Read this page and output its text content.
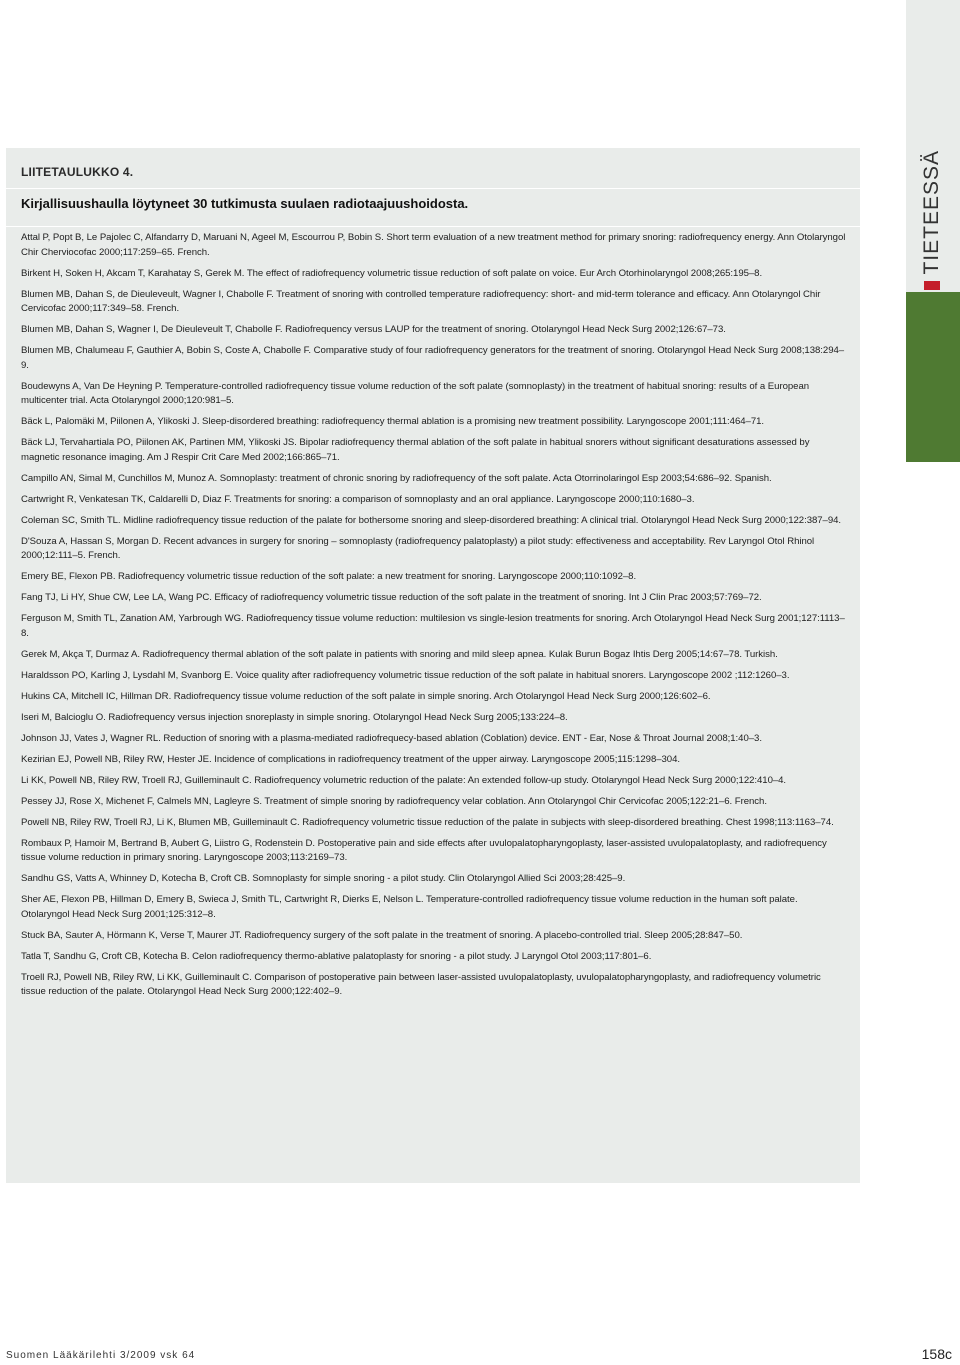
TIETEESSÄ
LIITETAULUKKO 4.
Kirjallisuushaulla löytyneet 30 tutkimusta suulaen radiotaajuushoidosta.

Attal P, Popt B, Le Pajolec C, Alfandarry D, Maruani N, Ageel M, Escourrou P, Bobin S. Short term evaluation of a new treatment method for primary snoring: radiofrequency energy. Ann Otolaryngol Chir Cherviocofac 2000;117:259–65. French.

Birkent H, Soken H, Akcam T, Karahatay S, Gerek M. The effect of radiofrequency volumetric tissue reduction of soft palate on voice. Eur Arch Otorhinolaryngol 2008;265:195–8.

Blumen MB, Dahan S, de Dieuleveult, Wagner I, Chabolle F. Treatment of snoring with controlled temperature radiofrequency: short- and mid-term tolerance and efficacy. Ann Otolaryngol Chir Cervicofac 2000;117:349–58. French.

Blumen MB, Dahan S, Wagner I, De Dieuleveult T, Chabolle F. Radiofrequency versus LAUP for the treatment of snoring. Otolaryngol Head Neck Surg 2002;126:67–73.

Blumen MB, Chalumeau F, Gauthier A, Bobin S, Coste A, Chabolle F. Comparative study of four radiofrequency generators for the treatment of snoring. Otolaryngol Head Neck Surg 2008;138:294–9.

Boudewyns A, Van De Heyning P. Temperature-controlled radiofrequency tissue volume reduction of the soft palate (somnoplasty) in the treatment of habitual snoring: results of a European multicenter trial. Acta Otolaryngol 2000;120:981–5.

Bäck L, Palomäki M, Piilonen A, Ylikoski J. Sleep-disordered breathing: radiofrequency thermal ablation is a promising new treatment possibility. Laryngoscope 2001;111:464–71.

Bäck LJ, Tervahartiala PO, Piilonen AK, Partinen MM, Ylikoski JS. Bipolar radiofrequency thermal ablation of the soft palate in habitual snorers without significant desaturations assessed by magnetic resonance imaging. Am J Respir Crit Care Med 2002;166:865–71.

Campillo AN, Simal M, Cunchillos M, Munoz A. Somnoplasty: treatment of chronic snoring by radiofrequency of the soft palate. Acta Otorrinolaringol Esp 2003;54:686–92. Spanish.

Cartwright R, Venkatesan TK, Caldarelli D, Diaz F. Treatments for snoring: a comparison of somnoplasty and an oral appliance. Laryngoscope 2000;110:1680–3.

Coleman SC, Smith TL. Midline radiofrequency tissue reduction of the palate for bothersome snoring and sleep-disordered breathing: A clinical trial. Otolaryngol Head Neck Surg 2000;122:387–94.

D'Souza A, Hassan S, Morgan D. Recent advances in surgery for snoring – somnoplasty (radiofrequency palatoplasty) a pilot study: effectiveness and acceptability. Rev Laryngol Otol Rhinol 2000;12:111–5. French.

Emery BE, Flexon PB. Radiofrequency volumetric tissue reduction of the soft palate: a new treatment for snoring. Laryngoscope 2000;110:1092–8.

Fang TJ, Li HY, Shue CW, Lee LA, Wang PC. Efficacy of radiofrequency volumetric tissue reduction of the soft palate in the treatment of snoring. Int J Clin Prac 2003;57:769–72.

Ferguson M, Smith TL, Zanation AM, Yarbrough WG. Radiofrequency tissue volume reduction: multilesion vs single-lesion treatments for snoring. Arch Otolaryngol Head Neck Surg 2001;127:1113–8.

Gerek M, Akça T, Durmaz A. Radiofrequency thermal ablation of the soft palate in patients with snoring and mild sleep apnea. Kulak Burun Bogaz Ihtis Derg 2005;14:67–78. Turkish.

Haraldsson PO, Karling J, Lysdahl M, Svanborg E. Voice quality after radiofrequency volumetric tissue reduction of the soft palate in habitual snorers. Laryngoscope 2002 ;112:1260–3.

Hukins CA, Mitchell IC, Hillman DR. Radiofrequency tissue volume reduction of the soft palate in simple snoring. Arch Otolaryngol Head Neck Surg 2000;126:602–6.

Iseri M, Balcioglu O. Radiofrequency versus injection snoreplasty in simple snoring. Otolaryngol Head Neck Surg 2005;133:224–8.

Johnson JJ, Vates J, Wagner RL. Reduction of snoring with a plasma-mediated radiofrequecy-based ablation (Coblation) device. ENT - Ear, Nose & Throat Journal 2008;1:40–3.

Kezirian EJ, Powell NB, Riley RW, Hester JE. Incidence of complications in radiofrequency treatment of the upper airway. Laryngoscope 2005;115:1298–304.

Li KK, Powell NB, Riley RW, Troell RJ, Guilleminault C. Radiofrequency volumetric reduction of the palate: An extended follow-up study. Otolaryngol Head Neck Surg 2000;122:410–4.

Pessey JJ, Rose X, Michenet F, Calmels MN, Lagleyre S. Treatment of simple snoring by radiofrequency velar coblation. Ann Otolaryngol Chir Cervicofac 2005;122:21–6. French.

Powell NB, Riley RW, Troell RJ, Li K, Blumen MB, Guilleminault C. Radiofrequency volumetric tissue reduction of the palate in subjects with sleep-disordered breathing. Chest 1998;113:1163–74.

Rombaux P, Hamoir M, Bertrand B, Aubert G, Liistro G, Rodenstein D. Postoperative pain and side effects after uvulopalatopharyngoplasty, laser-assisted uvulopalatoplasty, and radiofrequency tissue volume reduction in primary snoring. Laryngoscope 2003;113:2169–73.

Sandhu GS, Vatts A, Whinney D, Kotecha B, Croft CB. Somnoplasty for simple snoring - a pilot study. Clin Otolaryngol Allied Sci 2003;28:425–9.

Sher AE, Flexon PB, Hillman D, Emery B, Swieca J, Smith TL, Cartwright R, Dierks E, Nelson L. Temperature-controlled radiofrequency tissue volume reduction in the human soft palate. Otolaryngol Head Neck Surg 2001;125:312–8.

Stuck BA, Sauter A, Hörmann K, Verse T, Maurer JT. Radiofrequency surgery of the soft palate in the treatment of snoring. A placebo-controlled trial. Sleep 2005;28:847–50.

Tatla T, Sandhu G, Croft CB, Kotecha B. Celon radiofrequency thermo-ablative palatoplasty for snoring - a pilot study. J Laryngol Otol 2003;117:801–6.

Troell RJ, Powell NB, Riley RW, Li KK, Guilleminault C. Comparison of postoperative pain between laser-assisted uvulopalatoplasty, uvulopalatopharyngoplasty, and radiofrequency volumetric tissue reduction of the palate. Otolaryngol Head Neck Surg 2000;122:402–9.

Suomen Lääkärilehti 3/2009 vsk 64	158c
